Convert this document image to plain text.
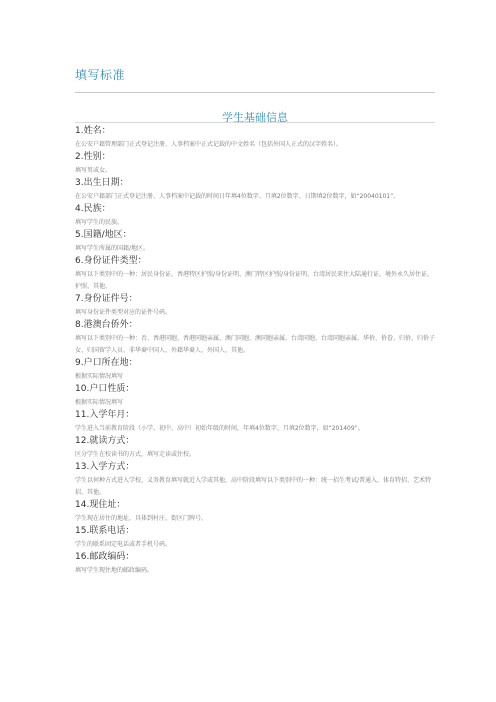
填写标准
学生基础信息
1.姓名：
在公安户籍管理部门正式登记注册、人事档案中正式记载的中文姓名（包括外国人正式的汉字姓名）。
2.性别：
填写男或女。
3.出生日期：
在公安户籍部门正式登记注册、人事档案中记载的时间日年填4位数字、月填2位数字、日期填2位数字，如“20040101”。
4.民族：
填写学生的民族。
5.国籍/地区：
填写学生所属的国籍/地区。
6.身份证件类型：
填写以下类别中的一种：居民身份证、香港特区护照/身份证明、澳门特区护照/身份证明、台湾居民来往大陆通行证、境外永久居住证、护照、其他。
7.身份证件号：
填写身份证件类型对应的证件号码。
8.港澳台侨外：
填写以下类别中的一种：否、香港同胞、香港同胞亲属、澳门同胞、澳同胞亲属、台湾同胞、台湾同胞亲属、华侨、侨眷、归侨、归侨子女、归国留学人员、非华裔中国人、外籍华裔人、外国人、其他。
9.户口所在地：
根据实际情况填写
10.户口性质：
根据实际情况填写
11.入学年月：
学生进入当前教育阶段（小学、初中、高中）初始年级的时间，年填4位数字、月填2位数字，如“201409”。
12.就读方式：
区分学生在校读书的方式，填写走读或住校。
13.入学方式：
学生以何种方式进入学校，义务教育填写就近入学或其他，高中阶段填写以下类别中的一种：统一招生考试/普通入、体育特招、艺术特招、其他。
14.现住址：
学生现在居住的地址，具体到村庄、街区门牌号。
15.联系电话：
学生的联系固定电话或者手机号码。
16.邮政编码：
填写学生现住地的邮政编码。
